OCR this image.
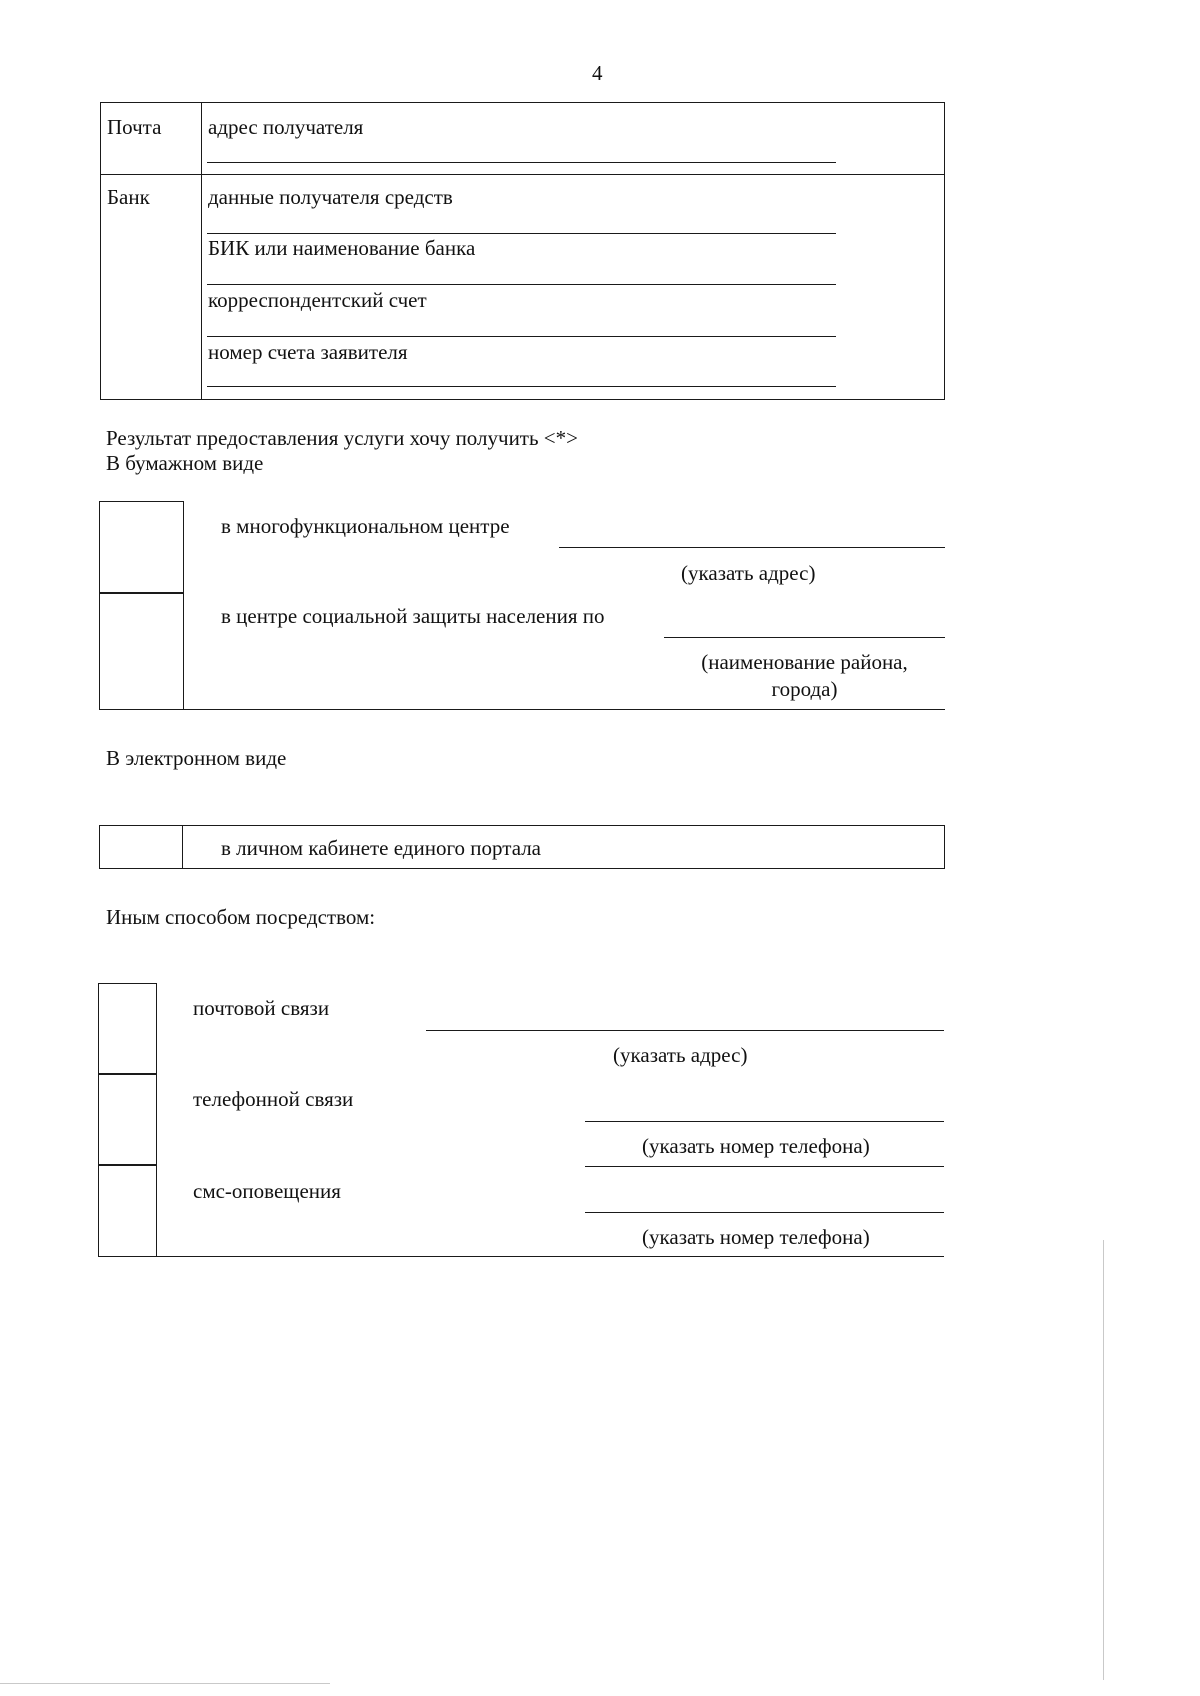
4
Почта адрес получателя
Банк	данные получателя средств
БИК или наименование банка
корреспондентский счет
номер счета заявителя
Результат предоставления услуги хочу получить <*>
В бумажном виде
в многофункциональном центре
(указать адрес)
в центре социальной защиты населения по
(наименование района,
города)
В электронном виде
в личном кабинете единого портала
Иным способом посредством:
почтовой связи
(указать адрес)
телефонной связи
(указать номер телефона)
смс-оповещения
(указать номер телефона)
